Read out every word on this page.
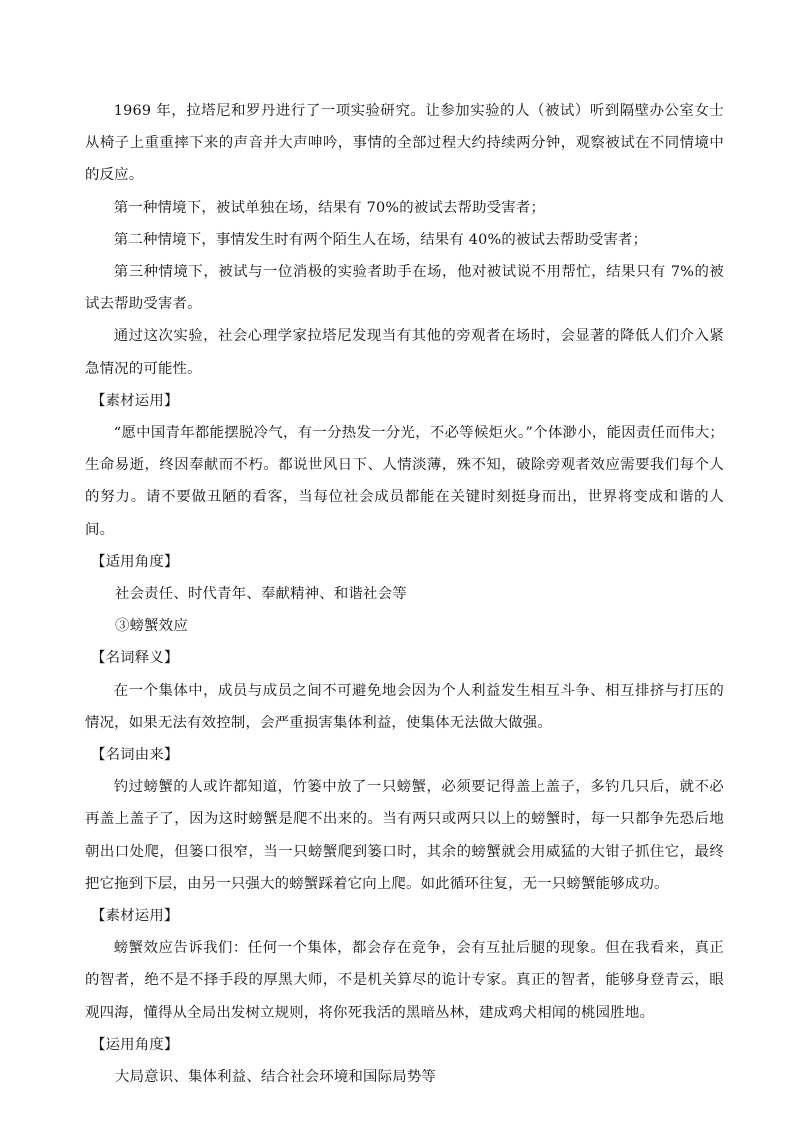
1969 年，拉塔尼和罗丹进行了一项实验研究。让参加实验的人（被试）听到隔壁办公室女士从椅子上重重摔下来的声音并大声呻吟，事情的全部过程大约持续两分钟，观察被试在不同情境中的反应。

第一种情境下，被试单独在场，结果有 70%的被试去帮助受害者；

第二种情境下，事情发生时有两个陌生人在场，结果有 40%的被试去帮助受害者；

第三种情境下，被试与一位消极的实验者助手在场，他对被试说不用帮忙，结果只有 7%的被试去帮助受害者。

通过这次实验，社会心理学家拉塔尼发现当有其他的旁观者在场时，会显著的降低人们介入紧急情况的可能性。

【素材运用】

“愿中国青年都能摆脱冷气，有一分热发一分光，不必等候炬火。”个体渺小，能因责任而伟大；生命易逝，终因奉献而不朽。都说世风日下、人情淡薄，殊不知，破除旁观者效应需要我们每个人的努力。请不要做丑陋的看客，当每位社会成员都能在关键时刻挺身而出，世界将变成和谐的人间。

【适用角度】

社会责任、时代青年、奉献精神、和谐社会等

③螃蟹效应

【名词释义】

在一个集体中，成员与成员之间不可避免地会因为个人利益发生相互斗争、相互排挤与打压的情况，如果无法有效控制，会严重损害集体利益，使集体无法做大做强。

【名词由来】

钓过螃蟹的人或许都知道，竹篓中放了一只螃蟹，必须要记得盖上盖子，多钓几只后，就不必再盖上盖子了，因为这时螃蟹是爬不出来的。当有两只或两只以上的螃蟹时，每一只都争先恐后地朝出口处爬，但篓口很窄，当一只螃蟹爬到篓口时，其余的螃蟹就会用威猛的大钳子抓住它，最终把它拖到下层，由另一只强大的螃蟹踩着它向上爬。如此循环往复，无一只螃蟹能够成功。

【素材运用】

螃蟹效应告诉我们：任何一个集体，都会存在竞争，会有互扯后腿的现象。但在我看来，真正的智者，绝不是不择手段的厚黑大师，不是机关算尽的诡计专家。真正的智者，能够身登青云，眼观四海，懂得从全局出发树立规则，将你死我活的黑暗丛林，建成鸡犬相闻的桃园胜地。

【运用角度】

大局意识、集体利益、结合社会环境和国际局势等
